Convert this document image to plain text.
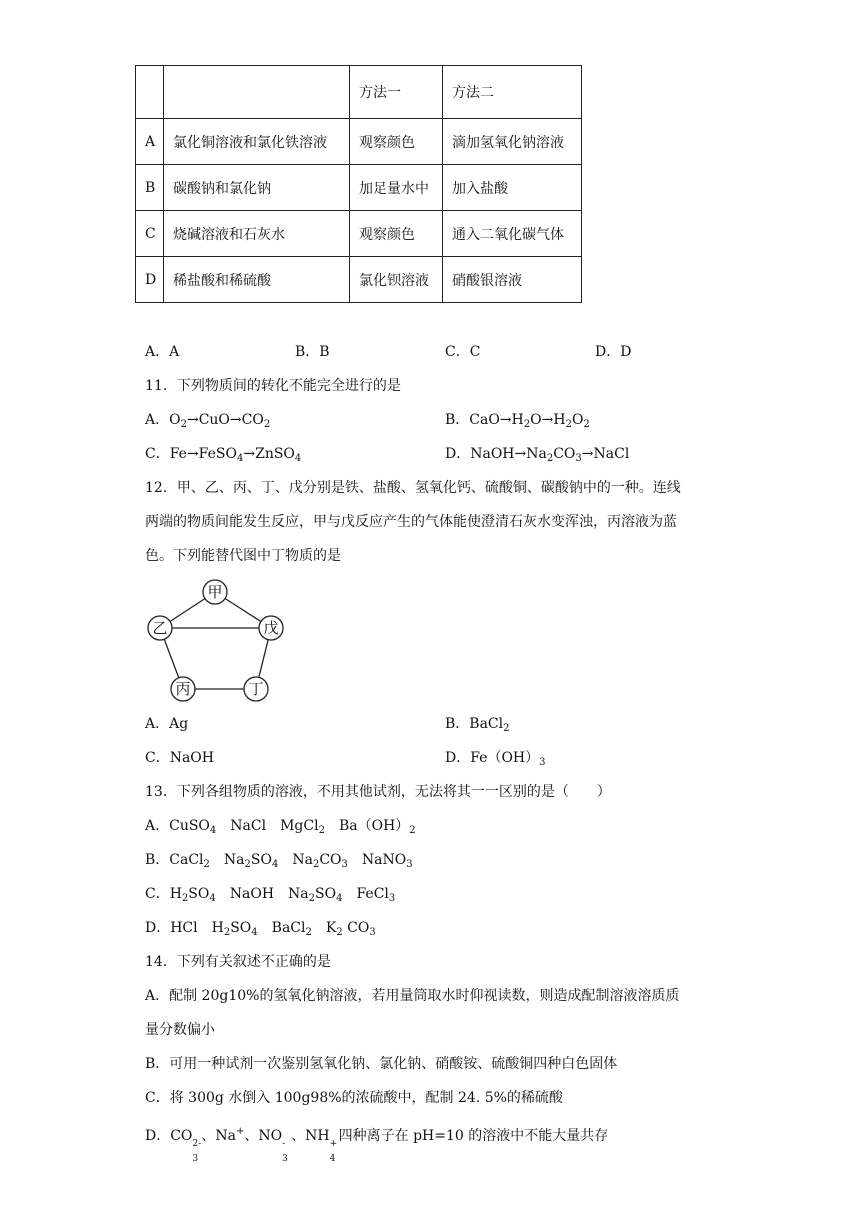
		方法一	方法二
A	氯化铜溶液和氯化铁溶液	观察颜色	滴加氢氧化钠溶液
B	碳酸钠和氯化钠	加足量水中	加入盐酸
C	烧碱溶液和石灰水	观察颜色	通入二氧化碳气体
D	稀盐酸和稀硫酸	氯化钡溶液	硝酸银溶液
A．A	B．B	C．C	D．D
11．下列物质间的转化不能完全进行的是
A．$O_2\to CuO\to CO_2$	B．$CaO\to H_2O\to H_2O_2$
C．Fe→FeSO$_4$→ZnSO$_4$	D．$NaOH\to Na_2CO_3\to NaCl$
12．甲、乙、丙、丁、戊分别是铁、盐酸、氢氧化钙、硫酸铜、碳酸钠中的一种。连线
两端的物质间能发生反应，甲与戊反应产生的气体能使澄清石灰水变浑浊，丙溶液为蓝
色。下列能替代图中丁物质的是
甲
乙	戊
丙	丁
A．Ag	B．BaCl$_2$
C．NaOH	D．$Fe(OH)_3$
13．下列各组物质的溶液，不用其他试剂，无法将其一一区别的是（　　）
A．CuSO$_4$　NaCl　MgCl$_2$　$Ba(OH)_2$
B．CaCl$_2$　$Na_2SO_4$　$Na_2CO_3$　NaNO$_3$
C．$H_2SO_4$　NaOH　$Na_2SO_4$　FeCl$_3$
D．HCl　$H_2SO_4$　BaCl$_2$　$K_2$ $CO_3$
14．下列有关叙述不正确的是
A．配制 20g10%的氢氧化钠溶液，若用量筒取水时仰视读数，则造成配制溶液溶质质
量分数偏小
B．可用一种试剂一次鉴别氢氧化钠、氯化钠、硝酸铵、硫酸铜四种白色固体
C．将 300g 水倒入 100g98%的浓硫酸中，配制 24. 5%的稀硫酸
D．CO 2-
3
、Na+、NO -
3
、NH +
4
四种离子在 pH=10 的溶液中不能大量共存
